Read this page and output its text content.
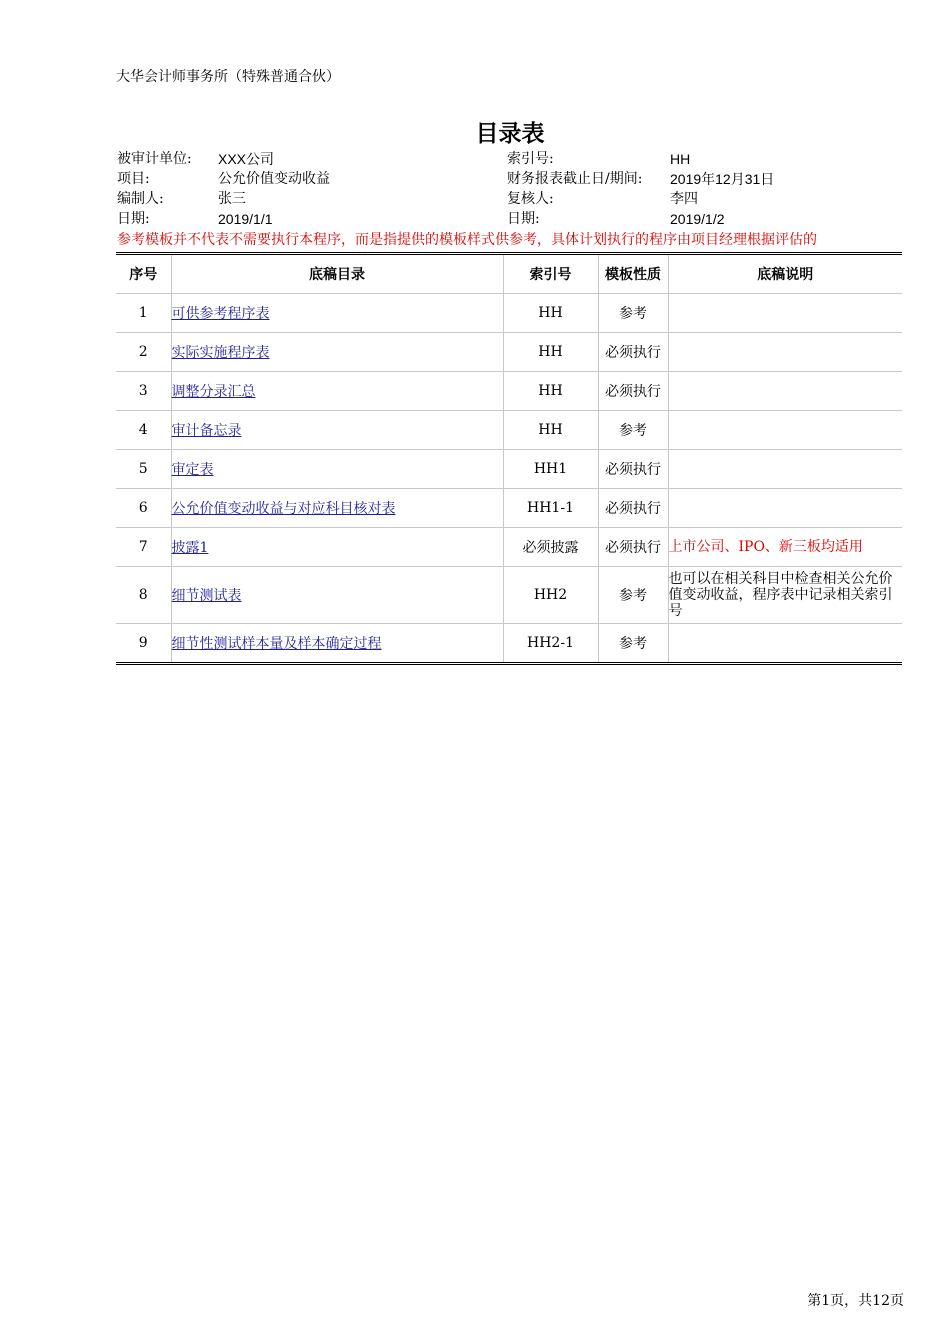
大华会计师事务所（特殊普通合伙）
目录表
被审计单位: XXX公司	索引号:	HH
项目:	公允价值变动收益	财务报表截止日/期间: 2019年12月31日
编制人:	张三	复核人:	李四
日期:	2019/1/1	日期:	2019/1/2
参考模板并不代表不需要执行本程序，而是指提供的模板样式供参考，具体计划执行的程序由项目经理根据评估的
序号	底稿目录	索引号	模板性质	底稿说明
1	可供参考程序表	HH	参考	
2	实际实施程序表	HH	必须执行	
3	调整分录汇总	HH	必须执行	
4	审计备忘录	HH	参考	
5	审定表	HH1	必须执行	
6	公允价值变动收益与对应科目核对表	HH1-1	必须执行	
7	披露1	必须披露	必须执行	上市公司、IPO、新三板均适用
8	细节测试表	HH2	参考	也可以在相关科目中检查相关公允价值变动收益，程序表中记录相关索引号
9	细节性测试样本量及样本确定过程	HH2-1	参考	
第1页，共12页
